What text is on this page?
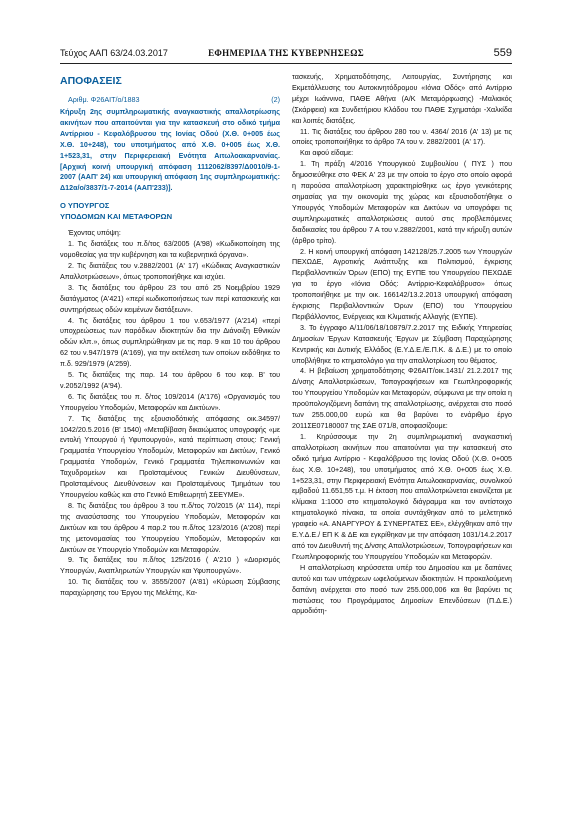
Τεύχος ΑΑΠ 63/24.03.2017	ΕΦΗΜΕΡΙΔΑ ΤΗΣ ΚΥΒΕΡΝΗΣΕΩΣ	559
ΑΠΟΦΑΣΕΙΣ
Αριθμ. Φ26ΑΙΤ/ο/1883	(2)

Κήρυξη 2ης συμπληρωματικής αναγκαστικής απαλλοτρίωσης ακινήτων που απαιτούνται για την κατασκευή στο οδικό τμήμα Αντίρριου - Κεφαλόβρυσου της Ιονίας Οδού (Χ.Θ. 0+005 έως Χ.Θ. 10+248), του υποτμήματος από Χ.Θ. 0+005 έως Χ.Θ. 1+523,31, στην Περιφερειακή Ενότητα Αιτωλοακαρνανίας. [Αρχική κοινή υπουργική απόφαση 1112062/8397/Δ0010/9-1-2007 (ΑΑΠ' 24) και υπουργική απόφαση 1ης συμπληρωματικής: Δ12α/ο/3837/1-7-2014 (ΑΑΠ'233)].

Ο ΥΠΟΥΡΓΟΣ
ΥΠΟΔΟΜΩΝ ΚΑΙ ΜΕΤΑΦΟΡΩΝ

Έχοντας υπόψη:

1. Τις διατάξεις του π.δ/τος 63/2005 (Α'98) «Κωδικοποίηση της νομοθεσίας για την κυβέρνηση και τα κυβερνητικά όργανα».

2. Τις διατάξεις του ν.2882/2001 (Α' 17) «Κώδικας Αναγκαστικών Απαλλοτριώσεων», όπως τροποποιήθηκε και ισχύει.

3. Τις διατάξεις του άρθρου 23 του από 25 Νοεμβρίου 1929 διατάγματος (Α'421) «περί κωδικοποιήσεως των περί κατασκευής και συντηρήσεως οδών κειμένων διατάξεων».

4. Τις διατάξεις του άρθρου 1 του ν.653/1977 (Α'214) «περί υποχρεώσεως των παρόδιων ιδιοκτητών δια την Διάνοιξη Εθνικών οδών κλπ.», όπως συμπληρώθηκαν με τις παρ. 9 και 10 του άρθρου 62 του ν.947/1979 (Α'169), για την εκτέλεση των οποίων εκδόθηκε το π.δ. 929/1979 (Α'259).

5. Τις διατάξεις της παρ. 14 του άρθρου 6 του κεφ. Β' του ν.2052/1992 (Α'94).

6. Τις διατάξεις του π. δ/τος 109/2014 (Α'176) «Οργανισμός του Υπουργείου Υποδομών, Μεταφορών και Δικτύων».

7. Τις διατάξεις της εξουσιοδότικής απόφασης οικ.34597/ 1042/20.5.2016 (Β' 1540) «Μεταβίβαση δικαιώματος υπογραφής «με εντολή Υπουργού ή Υφυπουργού», κατά περίπτωση στους: Γενική Γραμματέα Υπουργείου Υποδομών, Μεταφορών και Δικτύων, Γενικό Γραμματέα Υποδομών, Γενικό Γραμματέα Τηλεπικοινωνιών και Ταχυδρομείων και Προϊσταμένους Γενικών Διευθύνσεων, Προϊσταμένους Διευθύνσεων και Προϊσταμένους Τμημάτων του Υπουργείου καθώς και στο Γενικό Επιθεωρητή ΣΕΕΥΜΕ».

8. Τις διατάξεις του άρθρου 3 του π.δ/τος 70/2015 (Α' 114), περί της ανασύστασης του Υπουργείου Υποδομών, Μεταφορών και Δικτύων και του άρθρου 4 παρ.2 του π.δ/τος 123/2016 (Α'208) περί της μετονομασίας του Υπουργείου Υποδομών, Μεταφορών και Δικτύων σε Υπουργείο Υποδομών και Μεταφορών.

9. Τις διατάξεις του π.δ/τος 125/2016 ( Α'210 ) «Διορισμός Υπουργών, Αναπληρωτών Υπουργών και Υφυπουργών».

10. Τις διατάξεις του ν. 3555/2007 (Α'81) «Κύρωση Σύμβασης παραχώρησης του Έργου της Μελέτης, Κα-

τασκευής, Χρηματοδότησης, Λειτουργίας, Συντήρησης και Εκμετάλλευσης του Αυτοκινητόδρομου «Ιόνια Οδός» από Αντίρριο μέχρι Ιωάννινα, ΠΑΘΕ Αθήνα (Α/Κ Μεταμόρφωσης) -Μαλιακός (Σκάρφεια) και Συνδετήριου Κλάδου του ΠΑΘΕ Σχηματάρι -Χαλκίδα και λοιπές διατάξεις.

11. Τις διατάξεις του άρθρου 280 του ν. 4364/ 2016 (Α' 13) με τις οποίες τροποποιήθηκε το άρθρο 7Α του ν. 2882/2001 (Α' 17).

Και αφού είδαμε:

1. Τη πράξη 4/2016 Υπουργικού Συμβουλίου ( ΠΥΣ ) που δημοσιεύθηκε στο ΦΕΚ Α' 23 με την οποία το έργο στο οποίο αφορά η παρούσα απαλλοτρίωση χαρακτηρίσθηκε ως έργο γενικότερης σημασίας για την οικονομία της χώρας και εξουσιοδοτήθηκε ο Υπουργός Υποδομών Μεταφορών και Δικτύων να υπογράφει τις συμπληρωματικές απαλλοτριώσεις αυτού στις προβλεπόμενες διαδικασίες του άρθρου 7 Α του ν.2882/2001, κατά την κήρυξη αυτών (άρθρο τρίτο).

2. Η κοινή υπουργική απόφαση 142128/25.7.2005 των Υπουργών ΠΕΧΩΔΕ, Αγροτικής Ανάπτυξης και Πολιτισμού, έγκρισης Περιβαλλοντικών Όρων (ΕΠΟ) της ΕΥΠΕ του Υπουργείου ΠΕΧΩΔΕ για το έργο «Ιόνια Οδός: Αντίρριο-Κεφαλόβρυσο» όπως τροποποιήθηκε με την οικ. 166142/13.2.2013 υπουργική απόφαση έγκρισης Περιβαλλοντικών Όρων (ΕΠΟ) του Υπουργείου Περιβάλλοντος, Ενέργειας και Κλιματικής Αλλαγής (ΕΥΠΕ).

3. Το έγγραφο Α/11/06/18/10879/7.2.2017 της Ειδικής Υπηρεσίας Δημοσίων Έργων Κατασκευής Έργων με Σύμβαση Παραχώρησης Κεντρικής και Δυτικής Ελλάδος (Ε.Υ.Δ.Ε./Ε.Π.Κ. & Δ.Ε.) με το οποίο υποβλήθηκε το κτηματολόγιο για την απαλλοτρίωση του θέματος.

4. Η βεβαίωση χρηματοδότησης Φ26ΑΙΤ/οικ.1431/ 21.2.2017 της Δ/νσης Απαλλοτριώσεων, Τοπογραφήσεων και Γεωπληροφορικής του Υπουργείου Υποδομών και Μεταφορών, σύμφωνα με την οποία η προϋπολογιζόμενη δαπάνη της απαλλοτρίωσης, ανέρχεται στο ποσό των 255.000,00 ευρώ και θα βαρύνει το ενάριθμο έργο 2011ΣΕ07180007 της ΣΑΕ 071/8, αποφασίζουμε:

1. Κηρύσσουμε την 2η συμπληρωματική αναγκαστική απαλλοτρίωση ακινήτων που απαιτούνται για την κατασκευή στο οδικό τμήμα Αντίρριο - Κεφαλόβρυσο της Ιονίας Οδού (Χ.Θ. 0+005 έως Χ.Θ. 10+248), του υποτμήματος από Χ.Θ. 0+005 έως Χ.Θ. 1+523,31, στην Περιφερειακή Ενότητα Αιτωλοακαρνανίας, συνολικού εμβαδού 11.651,55 τ.μ. Η έκταση που απαλλοτριώνεται εικονίζεται με κλίμακα 1:1000 στο κτηματολογικό διάγραμμα και τον αντίστοιχο κτηματολογικό πίνακα, τα οποία συντάχθηκαν από το μελετητικό γραφείο «Α. ΑΝΑΡΓΥΡΟΥ & ΣΥΝΕΡΓΑΤΕΣ ΕΕ», ελέγχθηκαν από την Ε.Υ.Δ.Ε./ ΕΠ Κ & ΔΕ και εγκρίθηκαν με την απόφαση 1031/14.2.2017 από τον Διευθυντή της Δ/νσης Απαλλοτριώσεων, Τοπογραφήσεων και Γεωπληροφορικής του Υπουργείου Υποδομών και Μεταφορών.

Η απαλλοτρίωση κηρύσσεται υπέρ του Δημοσίου και με δαπάνες αυτού και των υπόχρεων ωφελούμενων ιδιοκτητών. Η προκαλούμενη δαπάνη ανέρχεται στο ποσό των 255.000,006 και θα βαρύνει τις πιστώσεις του Προγράμματος Δημοσίων Επενδύσεων (Π.Δ.Ε.) αρμοδιότη-
